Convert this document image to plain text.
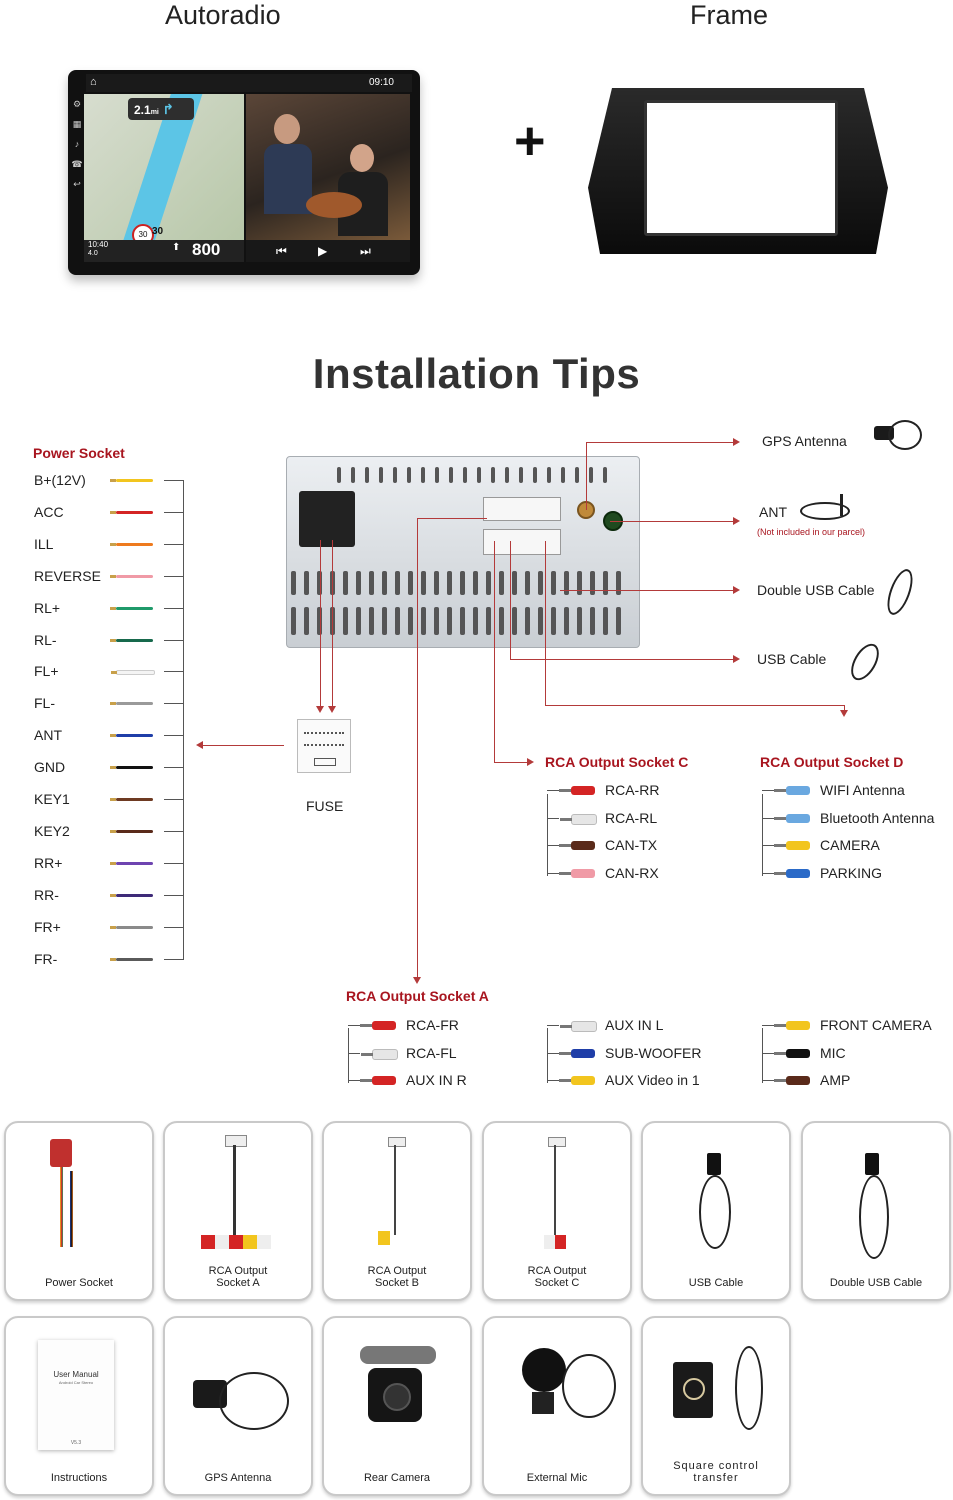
Autoradio	Frame
+
09:10
⌂
⚙
▦
♪
☎
↩
2.1mi ↱
30 30
10:40
4.0
⬆ 800	⏮	▶	⏭
Installation Tips
Power Socket
B+(12V)
ACC
ILL
REVERSE
RL+
RL-
FL+
FL-
ANT
GND
KEY1
KEY2
RR+
RR-
FR+
FR-
FUSE
GPS Antenna
ANT
(Not included in our parcel)
Double USB Cable
USB Cable
RCA Output Socket C
RCA-RR
RCA-RL
CAN-TX
CAN-RX
RCA Output Socket D
WIFI Antenna
Bluetooth Antenna
CAMERA
PARKING
RCA Output Socket A
RCA-FR
RCA-FL
AUX IN R
AUX IN L
SUB-WOOFER
AUX Video in 1
FRONT CAMERA
MIC
AMP
Power Socket
RCA Output
Socket A
RCA Output
Socket B
RCA Output
Socket C	USB Cable	Double USB Cable
User Manual
Android Car Stereo
V5.3
Instructions	GPS Antenna	Rear Camera	External Mic
Square control
transfer
